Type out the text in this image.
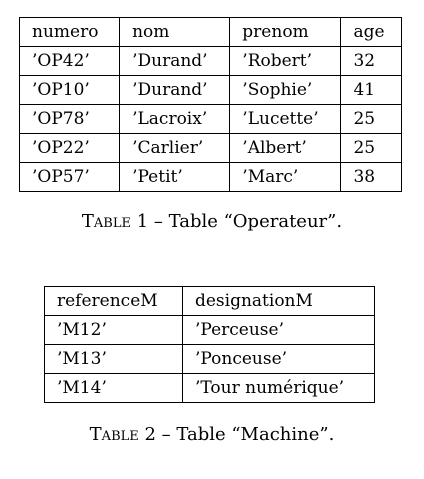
numero	nom	prenom	age
’OP42’	’Durand’	’Robert’	32
’OP10’	’Durand’	’Sophie’	41
’OP78’	’Lacroix’	’Lucette’	25
’OP22’	’Carlier’	’Albert’	25
’OP57’	’Petit’	’Marc’	38
Table 1 – Table “Operateur”.
referenceM	designationM
’M12’	’Perceuse’
’M13’	’Ponceuse’
’M14’	’Tour numérique’
Table 2 – Table “Machine”.
